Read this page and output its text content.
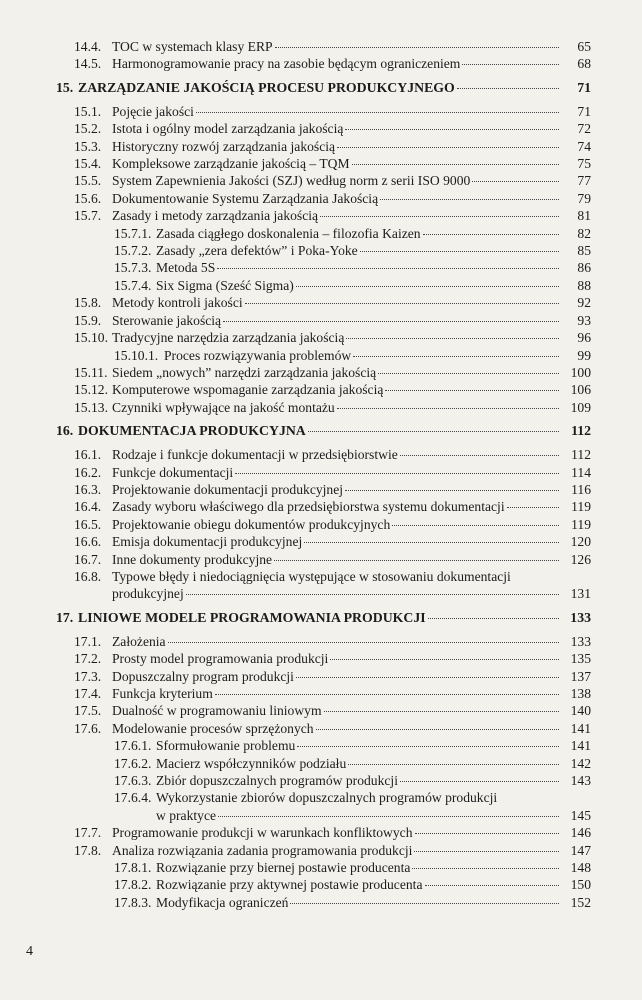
14.4. TOC w systemach klasy ERP	65
14.5. Harmonogramowanie pracy na zasobie będącym ograniczeniem	68
15. ZARZĄDZANIE JAKOŚCIĄ PROCESU PRODUKCYJNEGO	71
15.1. Pojęcie jakości	71
15.2. Istota i ogólny model zarządzania jakością	72
15.3. Historyczny rozwój zarządzania jakością	74
15.4. Kompleksowe zarządzanie jakością – TQM	75
15.5. System Zapewnienia Jakości (SZJ) według norm z serii ISO 9000	77
15.6. Dokumentowanie Systemu Zarządzania Jakością	79
15.7. Zasady i metody zarządzania jakością	81
15.7.1. Zasada ciągłego doskonalenia – filozofia Kaizen	82
15.7.2. Zasady „zera defektów” i Poka-Yoke	85
15.7.3. Metoda 5S	86
15.7.4. Six Sigma (Sześć Sigma)	88
15.8. Metody kontroli jakości	92
15.9. Sterowanie jakością	93
15.10. Tradycyjne narzędzia zarządzania jakością	96
15.10.1. Proces rozwiązywania problemów	99
15.11. Siedem „nowych” narzędzi zarządzania jakością	100
15.12. Komputerowe wspomaganie zarządzania jakością	106
15.13. Czynniki wpływające na jakość montażu	109
16. DOKUMENTACJA PRODUKCYJNA	112
16.1. Rodzaje i funkcje dokumentacji w przedsiębiorstwie	112
16.2. Funkcje dokumentacji	114
16.3. Projektowanie dokumentacji produkcyjnej	116
16.4. Zasady wyboru właściwego dla przedsiębiorstwa systemu dokumentacji	119
16.5. Projektowanie obiegu dokumentów produkcyjnych	119
16.6. Emisja dokumentacji produkcyjnej	120
16.7. Inne dokumenty produkcyjne	126
16.8. Typowe błędy i niedociągnięcia występujące w stosowaniu dokumentacji
produkcyjnej	131
17. LINIOWE MODELE PROGRAMOWANIA PRODUKCJI	133
17.1. Założenia	133
17.2. Prosty model programowania produkcji	135
17.3. Dopuszczalny program produkcji	137
17.4. Funkcja kryterium	138
17.5. Dualność w programowaniu liniowym	140
17.6. Modelowanie procesów sprzężonych	141
17.6.1. Sformułowanie problemu	141
17.6.2. Macierz współczynników podziału	142
17.6.3. Zbiór dopuszczalnych programów produkcji	143
17.6.4. Wykorzystanie zbiorów dopuszczalnych programów produkcji
w praktyce	145
17.7. Programowanie produkcji w warunkach konfliktowych	146
17.8. Analiza rozwiązania zadania programowania produkcji	147
17.8.1. Rozwiązanie przy biernej postawie producenta	148
17.8.2. Rozwiązanie przy aktywnej postawie producenta	150
17.8.3. Modyfikacja ograniczeń	152
4
